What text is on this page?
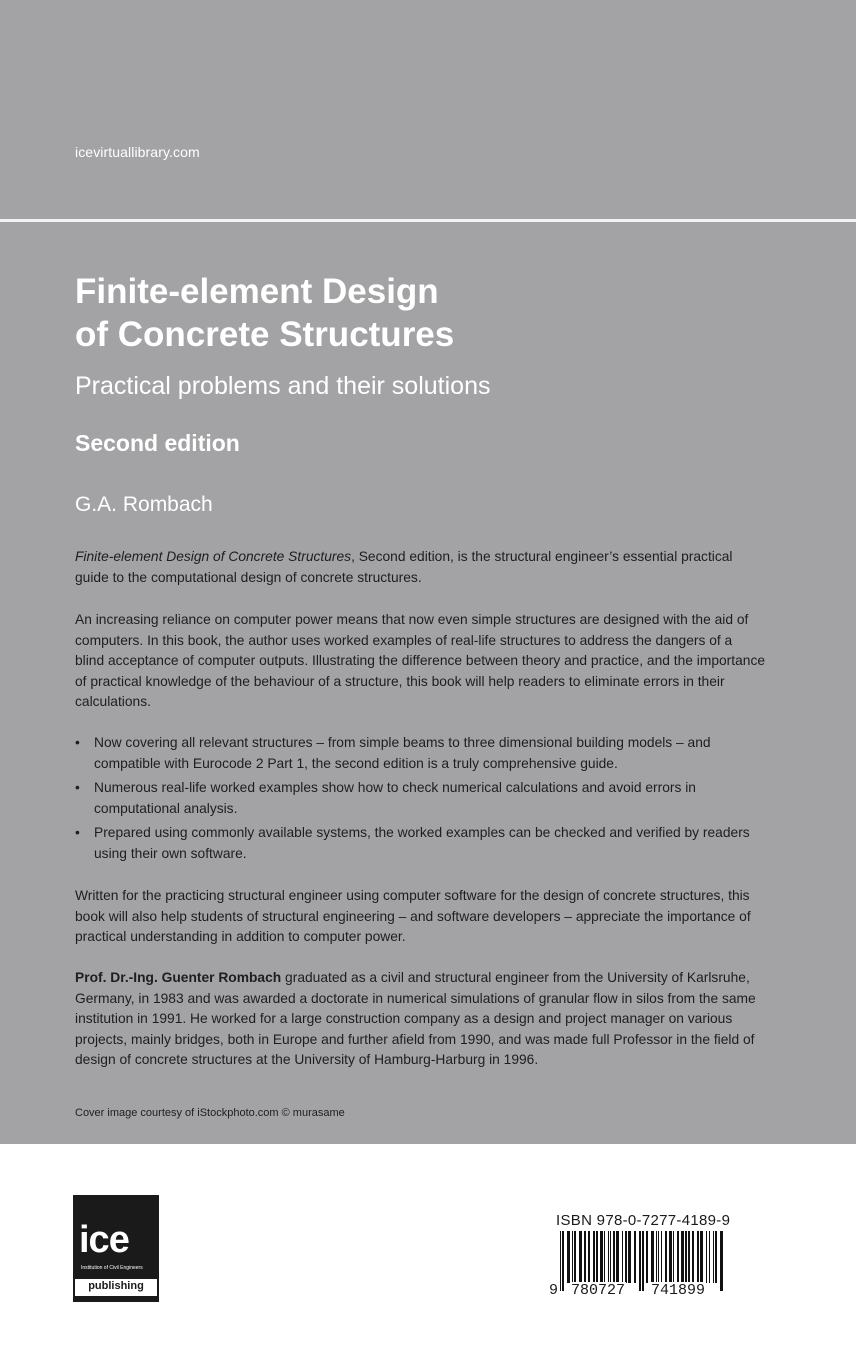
icevirtuallibrary.com
Finite-element Design
of Concrete Structures
Practical problems and their solutions
Second edition
G.A. Rombach
Finite-element Design of Concrete Structures, Second edition, is the structural engineer’s essential practical guide to the computational design of concrete structures.
An increasing reliance on computer power means that now even simple structures are designed with the aid of computers. In this book, the author uses worked examples of real-life structures to address the dangers of a blind acceptance of computer outputs. Illustrating the difference between theory and practice, and the importance of practical knowledge of the behaviour of a structure, this book will help readers to eliminate errors in their calculations.
• Now covering all relevant structures – from simple beams to three dimensional building models – and compatible with Eurocode 2 Part 1, the second edition is a truly comprehensive guide.
• Numerous real-life worked examples show how to check numerical calculations and avoid errors in computational analysis.
• Prepared using commonly available systems, the worked examples can be checked and verified by readers using their own software.
Written for the practicing structural engineer using computer software for the design of concrete structures, this book will also help students of structural engineering – and software developers – appreciate the importance of practical understanding in addition to computer power.
Prof. Dr.-Ing. Guenter Rombach graduated as a civil and structural engineer from the University of Karlsruhe, Germany, in 1983 and was awarded a doctorate in numerical simulations of granular flow in silos from the same institution in 1991. He worked for a large construction company as a design and project manager on various projects, mainly bridges, both in Europe and further afield from 1990, and was made full Professor in the field of design of concrete structures at the University of Hamburg-Harburg in 1996.
Cover image courtesy of iStockphoto.com © murasame
ice
Institution of Civil Engineers
publishing
ISBN 978-0-7277-4189-9
9 780727 741899
